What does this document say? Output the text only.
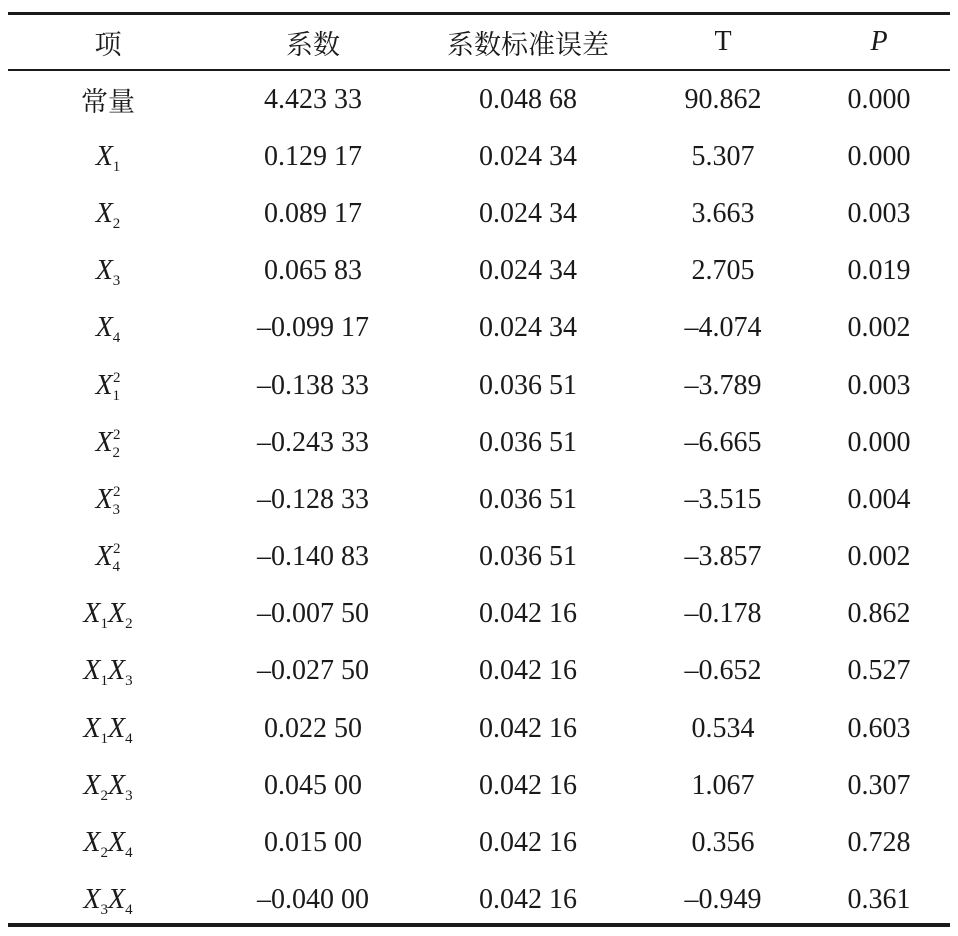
项	系数	系数标准误差	T	P
常量	4.423 33	0.048 68	90.862	0.000
$X_1$	0.129 17	0.024 34	5.307	0.000
$X_2$	0.089 17	0.024 34	3.663	0.003
$X_3$	0.065 83	0.024 34	2.705	0.019
$X_4$	–0.099 17	0.024 34	–4.074	0.002
$X_1^2$	–0.138 33	0.036 51	–3.789	0.003
$X_2^2$	–0.243 33	0.036 51	–6.665	0.000
$X_3^2$	–0.128 33	0.036 51	–3.515	0.004
$X_4^2$	–0.140 83	0.036 51	–3.857	0.002
$X_1X_2$	–0.007 50	0.042 16	–0.178	0.862
$X_1X_3$	–0.027 50	0.042 16	–0.652	0.527
$X_1X_4$	0.022 50	0.042 16	0.534	0.603
$X_2X_3$	0.045 00	0.042 16	1.067	0.307
$X_2X_4$	0.015 00	0.042 16	0.356	0.728
$X_3X_4$	–0.040 00	0.042 16	–0.949	0.361
